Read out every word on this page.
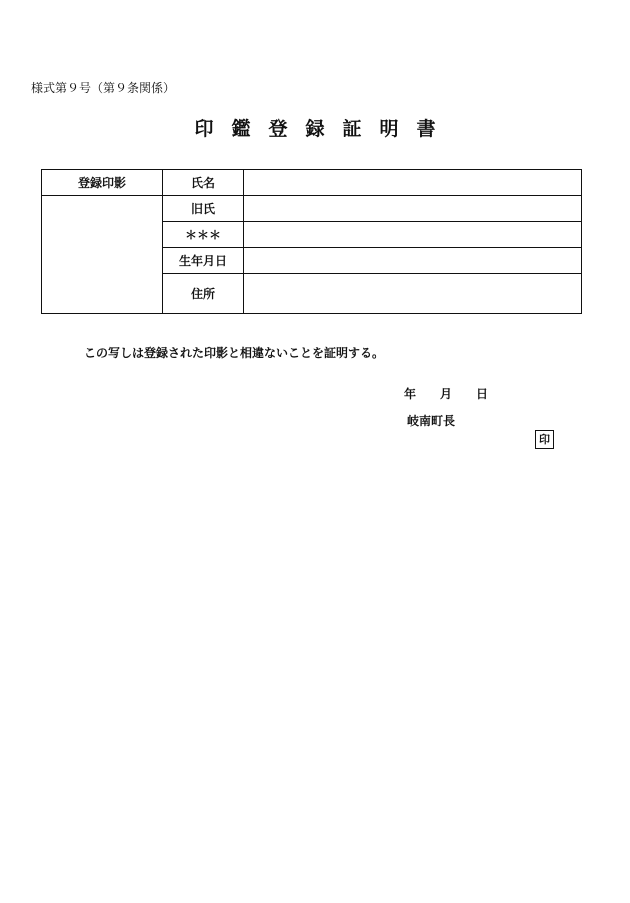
様式第９号（第９条関係）
印鑑登録証明書
登録印影	氏名	
	旧氏	
	＊＊＊	
	生年月日	
	住所	
この写しは登録された印影と相違ないことを証明する。
年 月 日
岐南町長
印
